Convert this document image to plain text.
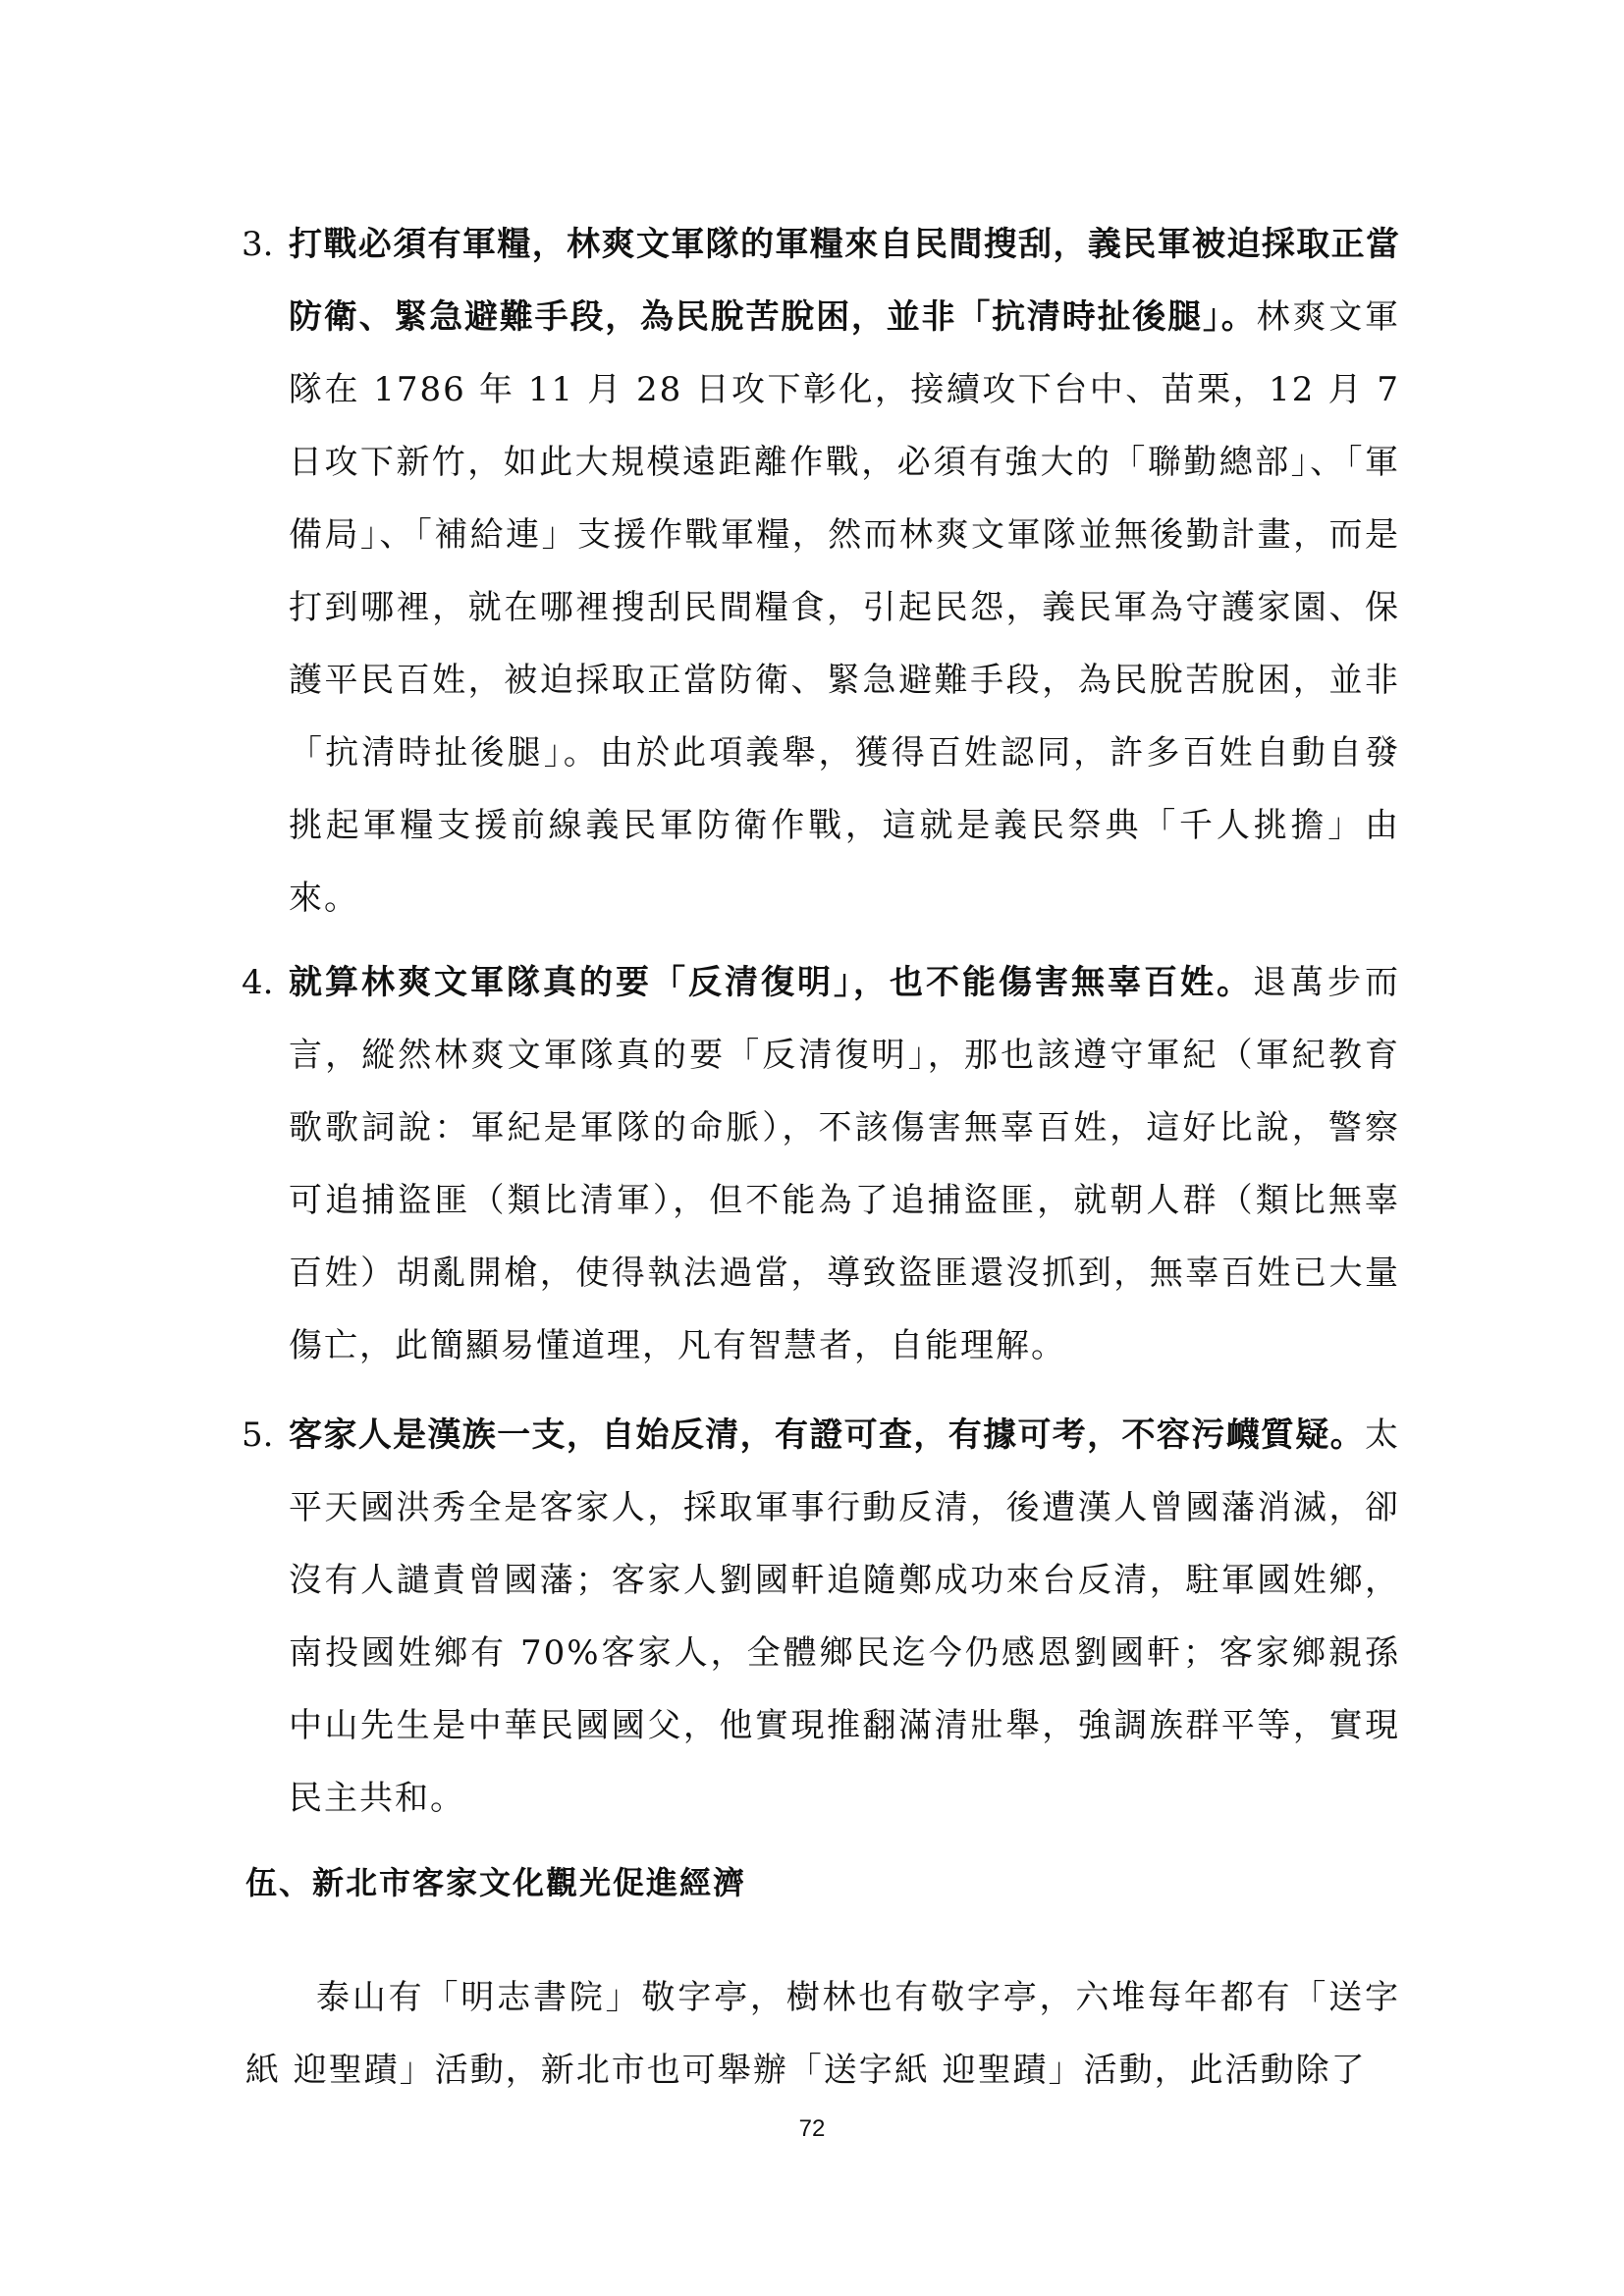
3. 打戰必須有軍糧，林爽文軍隊的軍糧來自民間搜刮，義民軍被迫採取正當防衛、緊急避難手段，為民脫苦脫困，並非「抗清時扯後腿」。林爽文軍隊在 1786 年 11 月 28 日攻下彰化，接續攻下台中、苗栗，12 月 7 日攻下新竹，如此大規模遠距離作戰，必須有強大的「聯勤總部」、「軍備局」、「補給連」支援作戰軍糧，然而林爽文軍隊並無後勤計畫，而是打到哪裡，就在哪裡搜刮民間糧食，引起民怨，義民軍為守護家園、保護平民百姓，被迫採取正當防衛、緊急避難手段，為民脫苦脫困，並非「抗清時扯後腿」。由於此項義舉，獲得百姓認同，許多百姓自動自發挑起軍糧支援前線義民軍防衛作戰，這就是義民祭典「千人挑擔」由來。
4. 就算林爽文軍隊真的要「反清復明」，也不能傷害無辜百姓。退萬步而言，縱然林爽文軍隊真的要「反清復明」，那也該遵守軍紀（軍紀教育歌歌詞說：軍紀是軍隊的命脈），不該傷害無辜百姓，這好比說，警察可追捕盜匪（類比清軍），但不能為了追捕盜匪，就朝人群（類比無辜百姓）胡亂開槍，使得執法過當，導致盜匪還沒抓到，無辜百姓已大量傷亡，此簡顯易懂道理，凡有智慧者，自能理解。
5. 客家人是漢族一支，自始反清，有證可查，有據可考，不容污衊質疑。太平天國洪秀全是客家人，採取軍事行動反清，後遭漢人曾國藩消滅，卻沒有人譴責曾國藩；客家人劉國軒追隨鄭成功來台反清，駐軍國姓鄉，南投國姓鄉有 70%客家人，全體鄉民迄今仍感恩劉國軒；客家鄉親孫中山先生是中華民國國父，他實現推翻滿清壯舉，強調族群平等，實現民主共和。
伍、新北市客家文化觀光促進經濟
泰山有「明志書院」敬字亭，樹林也有敬字亭，六堆每年都有「送字紙 迎聖蹟」活動，新北市也可舉辦「送字紙 迎聖蹟」活動，此活動除了
72
